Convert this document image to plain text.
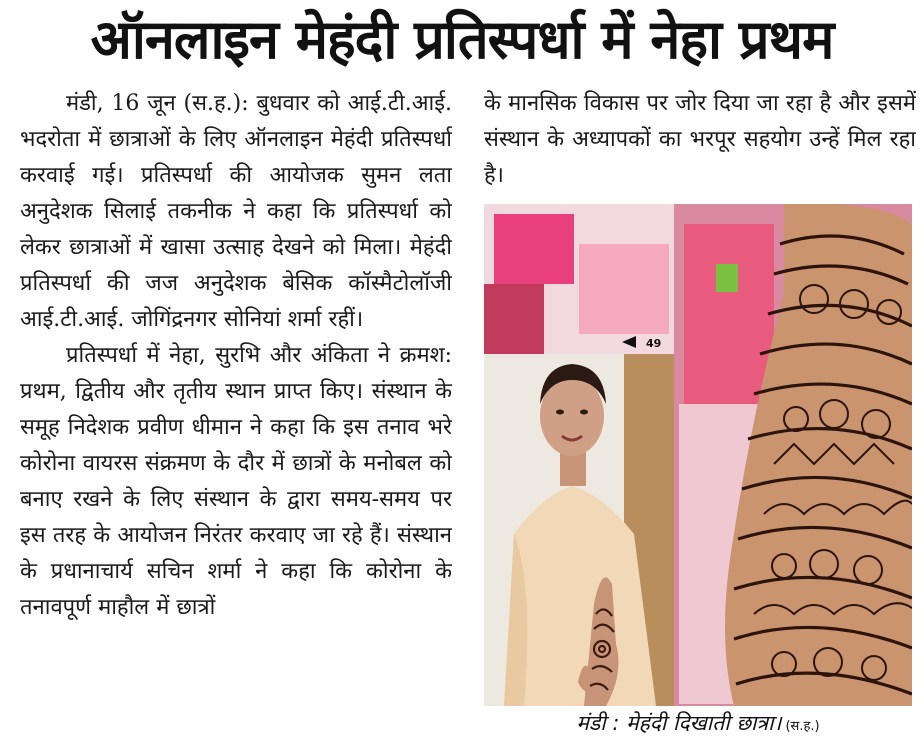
ऑनलाइन मेहंदी प्रतिस्पर्धा में नेहा प्रथम

मंडी, 16 जून (स.ह.): बुधवार को आई.टी.आई. भदरोता में छात्राओं के लिए ऑनलाइन मेहंदी प्रतिस्पर्धा करवाई गई। प्रतिस्पर्धा की आयोजक सुमन लता अनुदेशक सिलाई तकनीक ने कहा कि प्रतिस्पर्धा को लेकर छात्राओं में खासा उत्साह देखने को मिला। मेहंदी प्रतिस्पर्धा की जज अनुदेशक बेसिक कॉस्मैटोलॉजी आई.टी.आई. जोगिंद्रनगर सोनियां शर्मा रहीं।

प्रतिस्पर्धा में नेहा, सुरभि और अंकिता ने क्रमश: प्रथम, द्वितीय और तृतीय स्थान प्राप्त किए। संस्थान के समूह निदेशक प्रवीण धीमान ने कहा कि इस तनाव भरे कोरोना वायरस संक्रमण के दौर में छात्रों के मनोबल को बनाए रखने के लिए संस्थान के द्वारा समय-समय पर इस तरह के आयोजन निरंतर करवाए जा रहे हैं। संस्थान के प्रधानाचार्य सचिन शर्मा ने कहा कि कोरोना के तनावपूर्ण माहौल में छात्रों

के मानसिक विकास पर जोर दिया जा रहा है और इसमें संस्थान के अध्यापकों का भरपूर सहयोग उन्हें मिल रहा है।

49
मंडी : मेहंदी दिखाती छात्रा। (स.ह.)
